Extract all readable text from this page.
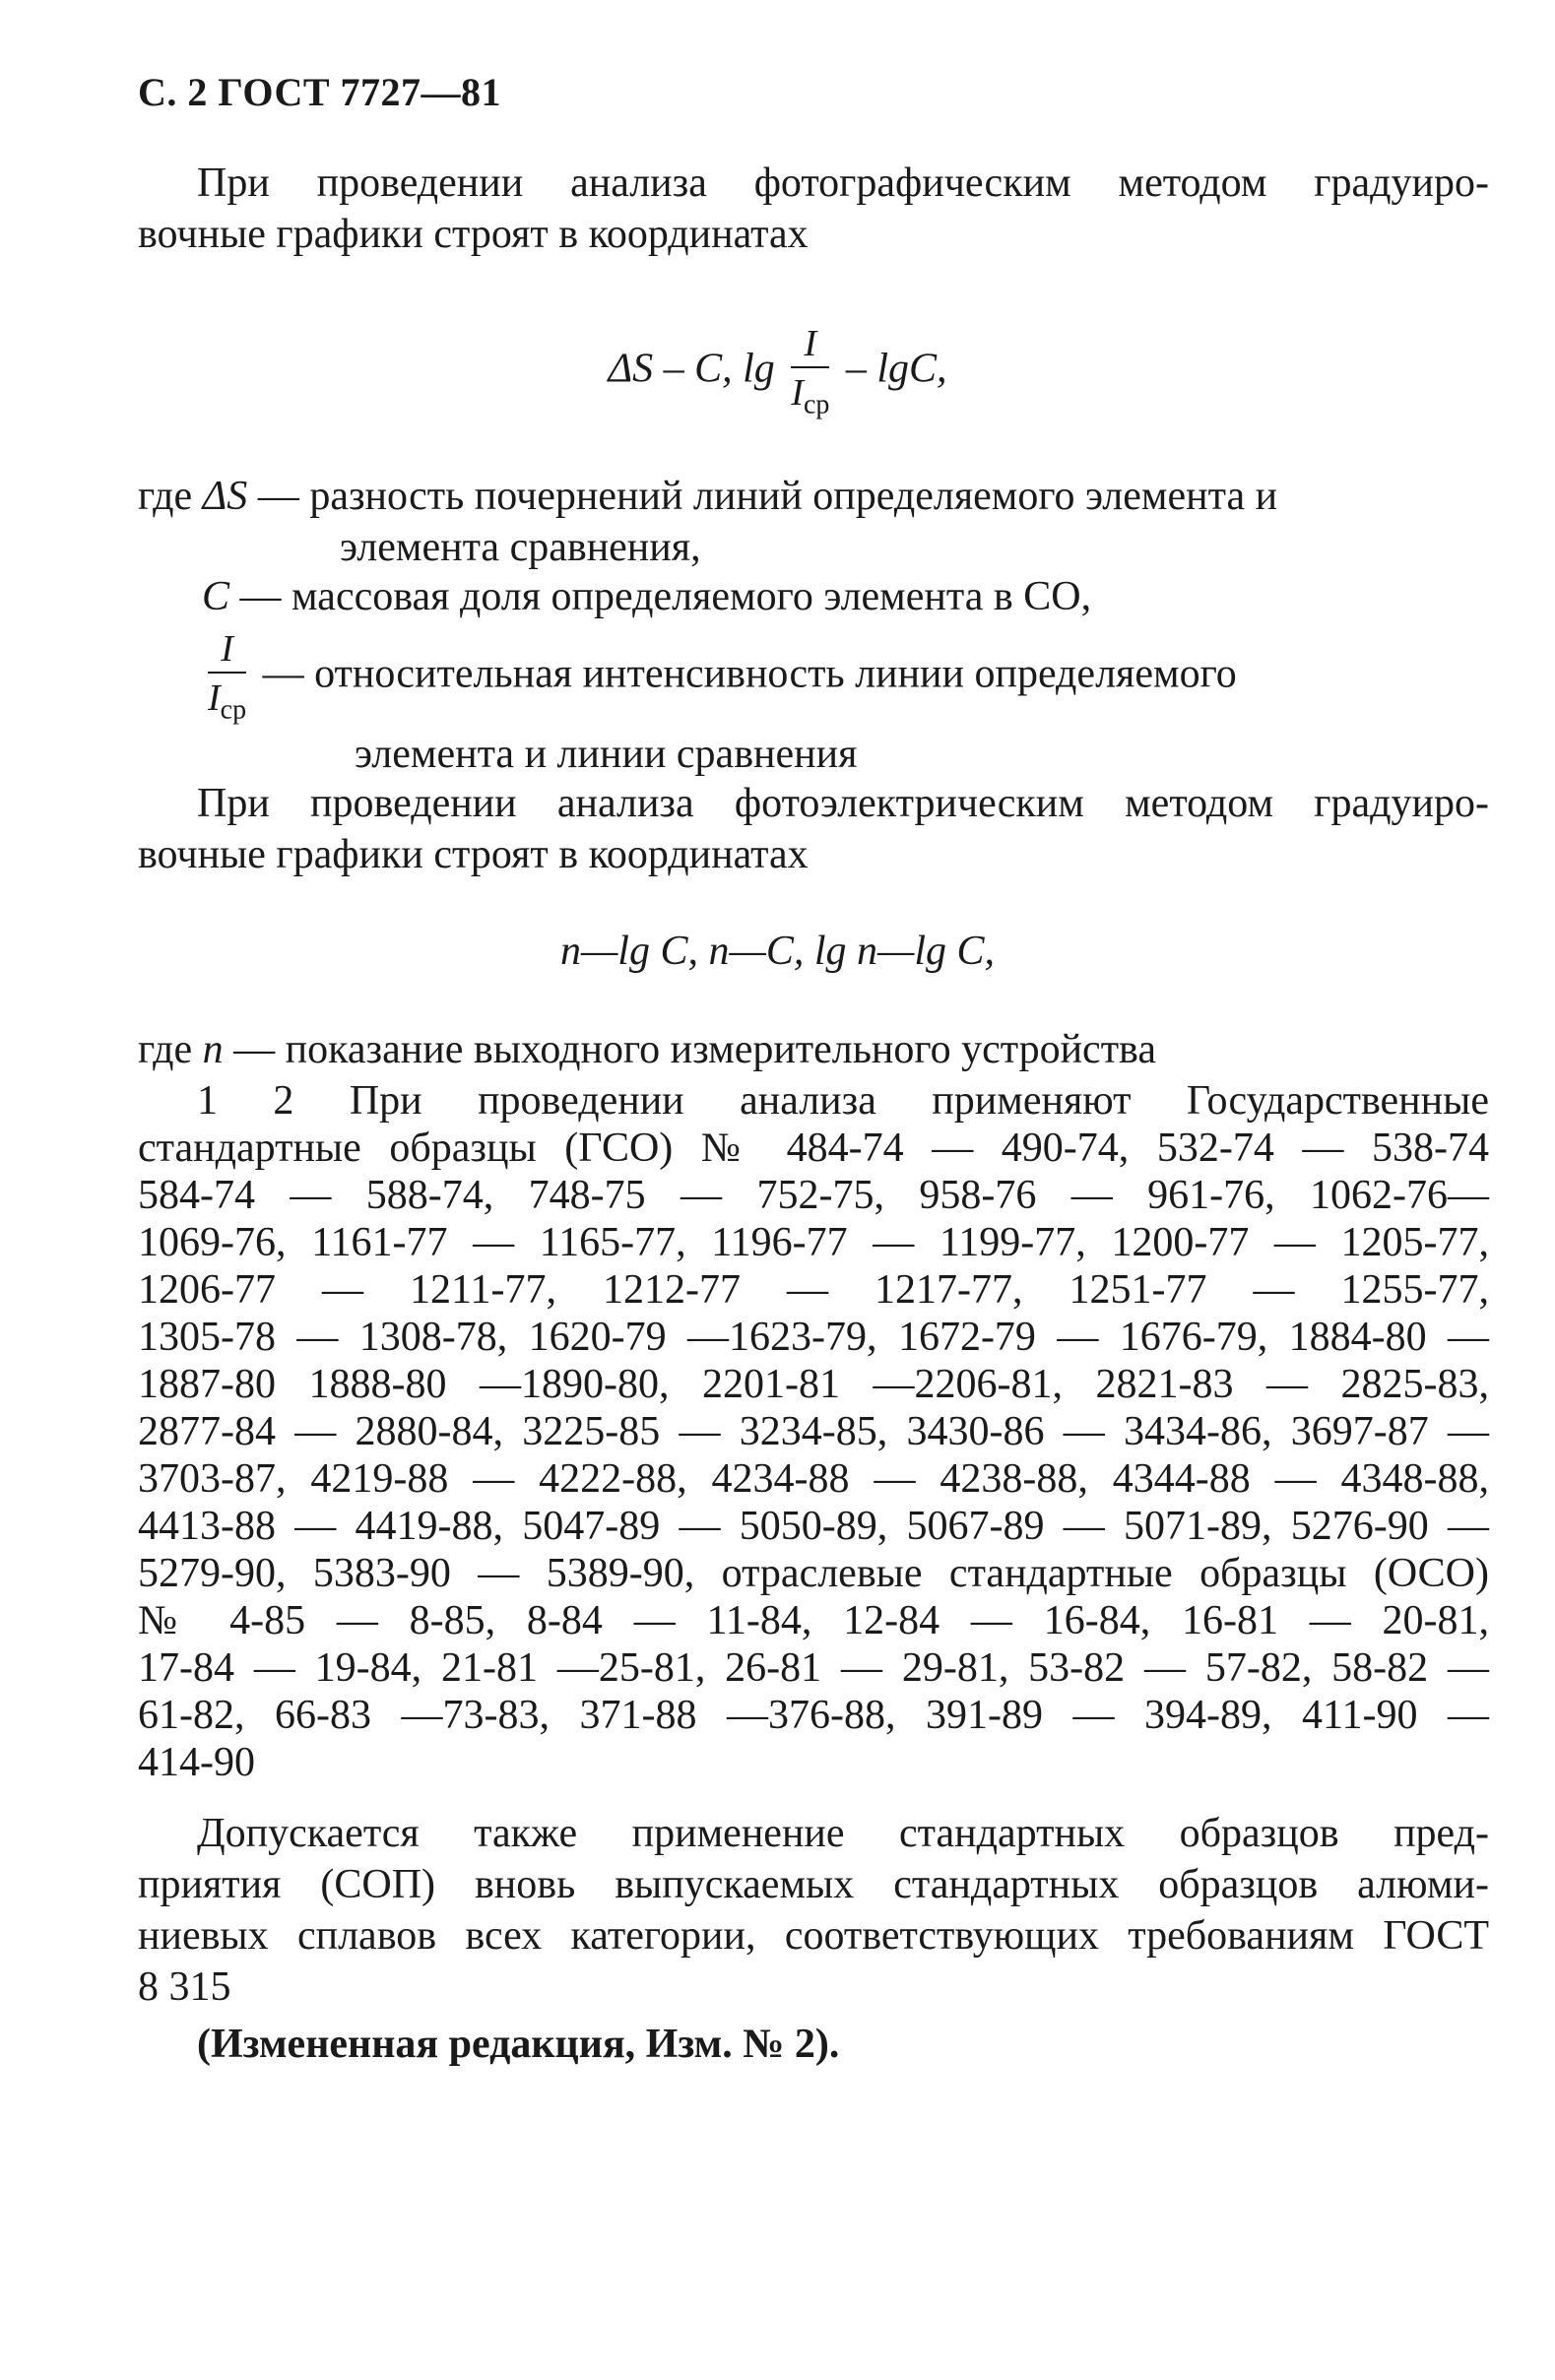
С. 2 ГОСТ 7727—81
При проведении анализа фотографическим методом градуиро-
вочные графики строят в координатах
ΔS – C, $\lg \frac{I}{I_{ср}}$ – lgC,
где ΔS — разность почернений линий определяемого элемента и
элемента сравнения,
C — массовая доля определяемого элемента в СО,
$\frac{I}{I_{ср}}$ — относительная интенсивность линии определяемого
элемента и линии сравнения
При проведении анализа фотоэлектрическим методом градуиро-
вочные графики строят в координатах
n—lg C, n—C, lg n—lg C,
где n — показание выходного измерительного устройства
1 2 При проведении анализа применяют Государственные
стандартные образцы (ГСО) № 484-74 — 490-74, 532-74 — 538-74
584-74 — 588-74, 748-75 — 752-75, 958-76 — 961-76, 1062-76—
1069-76, 1161-77 — 1165-77, 1196-77 — 1199-77, 1200-77 — 1205-77,
1206-77 — 1211-77, 1212-77 — 1217-77, 1251-77 — 1255-77,
1305-78 — 1308-78, 1620-79 —1623-79, 1672-79 — 1676-79, 1884-80 —
1887-80 1888-80 —1890-80, 2201-81 —2206-81, 2821-83 — 2825-83,
2877-84 — 2880-84, 3225-85 — 3234-85, 3430-86 — 3434-86, 3697-87 —
3703-87, 4219-88 — 4222-88, 4234-88 — 4238-88, 4344-88 — 4348-88,
4413-88 — 4419-88, 5047-89 — 5050-89, 5067-89 — 5071-89, 5276-90 —
5279-90, 5383-90 — 5389-90, отраслевые стандартные образцы (ОСО)
№ 4-85 — 8-85, 8-84 — 11-84, 12-84 — 16-84, 16-81 — 20-81,
17-84 — 19-84, 21-81 —25-81, 26-81 — 29-81, 53-82 — 57-82, 58-82 —
61-82, 66-83 —73-83, 371-88 —376-88, 391-89 — 394-89, 411-90 —
414-90
Допускается также применение стандартных образцов пред-
приятия (СОП) вновь выпускаемых стандартных образцов алюми-
ниевых сплавов всех категории, соответствующих требованиям ГОСТ
8 315
(Измененная редакция, Изм. № 2).
